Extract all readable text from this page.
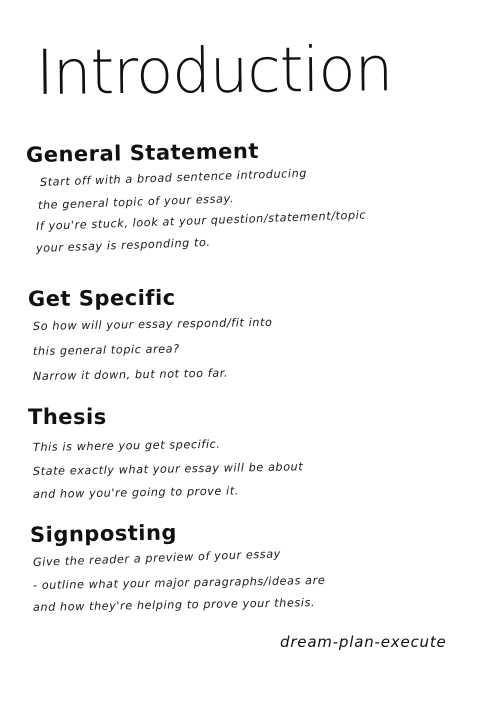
Introduction
General Statement
Start off with a broad sentence introducing
the general topic of your essay.
If you're stuck, look at your question/statement/topic
your essay is responding to.
Get Specific
So how will your essay respond/fit into
this general topic area?
Narrow it down, but not too far.
Thesis
This is where you get specific.
State exactly what your essay will be about
and how you're going to prove it.
Signposting
Give the reader a preview of your essay
- outline what your major paragraphs/ideas are
and how they're helping to prove your thesis.
dream-plan-execute
